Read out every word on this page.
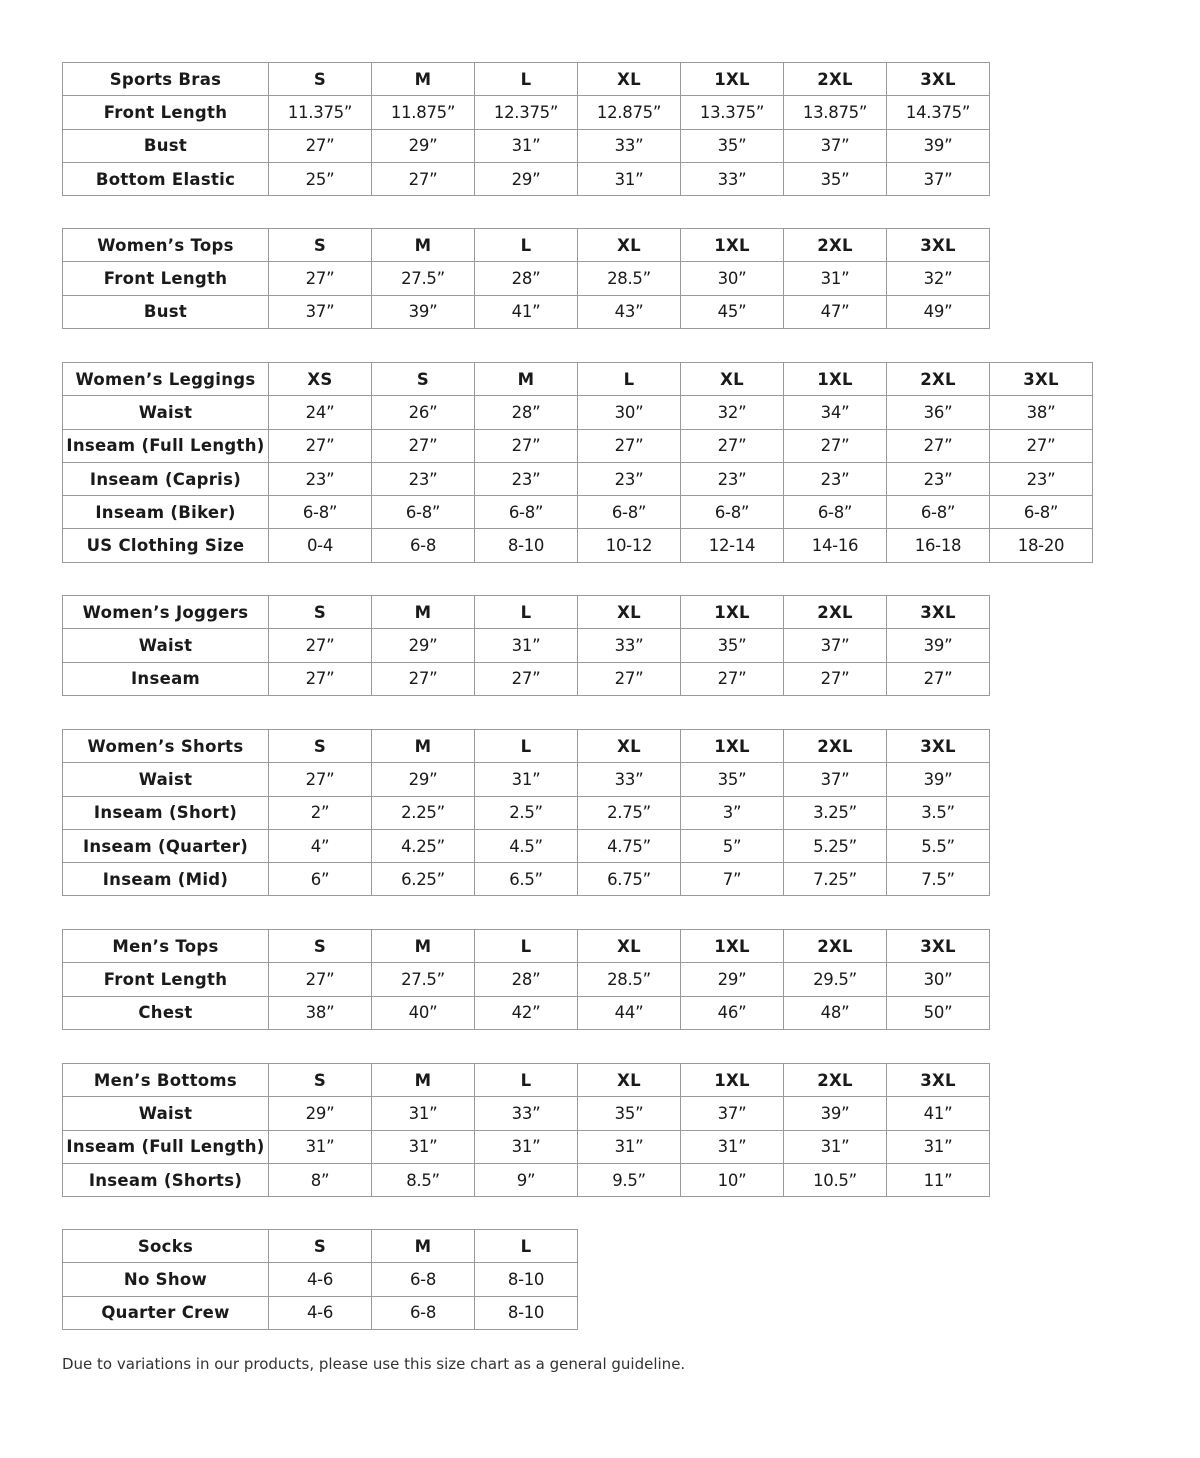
Sports Bras	S	M	L	XL	1XL	2XL	3XL
Front Length	11.375”	11.875”	12.375”	12.875”	13.375”	13.875”	14.375”
Bust	27”	29”	31”	33”	35”	37”	39”
Bottom Elastic	25”	27”	29”	31”	33”	35”	37”
Women’s Tops	S	M	L	XL	1XL	2XL	3XL
Front Length	27”	27.5”	28”	28.5”	30”	31”	32”
Bust	37”	39”	41”	43”	45”	47”	49”
Women’s Leggings	XS	S	M	L	XL	1XL	2XL	3XL
Waist	24”	26”	28”	30”	32”	34”	36”	38”
Inseam (Full Length)	27”	27”	27”	27”	27”	27”	27”	27”
Inseam (Capris)	23”	23”	23”	23”	23”	23”	23”	23”
Inseam (Biker)	6-8”	6-8”	6-8”	6-8”	6-8”	6-8”	6-8”	6-8”
US Clothing Size	0-4	6-8	8-10	10-12	12-14	14-16	16-18	18-20
Women’s Joggers	S	M	L	XL	1XL	2XL	3XL
Waist	27”	29”	31”	33”	35”	37”	39”
Inseam	27”	27”	27”	27”	27”	27”	27”
Women’s Shorts	S	M	L	XL	1XL	2XL	3XL
Waist	27”	29”	31”	33”	35”	37”	39”
Inseam (Short)	2”	2.25”	2.5”	2.75”	3”	3.25”	3.5”
Inseam (Quarter)	4”	4.25”	4.5”	4.75”	5”	5.25”	5.5”
Inseam (Mid)	6”	6.25”	6.5”	6.75”	7”	7.25”	7.5”
Men’s Tops	S	M	L	XL	1XL	2XL	3XL
Front Length	27”	27.5”	28”	28.5”	29”	29.5”	30”
Chest	38”	40”	42”	44”	46”	48”	50”
Men’s Bottoms	S	M	L	XL	1XL	2XL	3XL
Waist	29”	31”	33”	35”	37”	39”	41”
Inseam (Full Length)	31”	31”	31”	31”	31”	31”	31”
Inseam (Shorts)	8”	8.5”	9”	9.5”	10”	10.5”	11”
Socks	S	M	L
No Show	4-6	6-8	8-10
Quarter Crew	4-6	6-8	8-10
Due to variations in our products, please use this size chart as a general guideline.
